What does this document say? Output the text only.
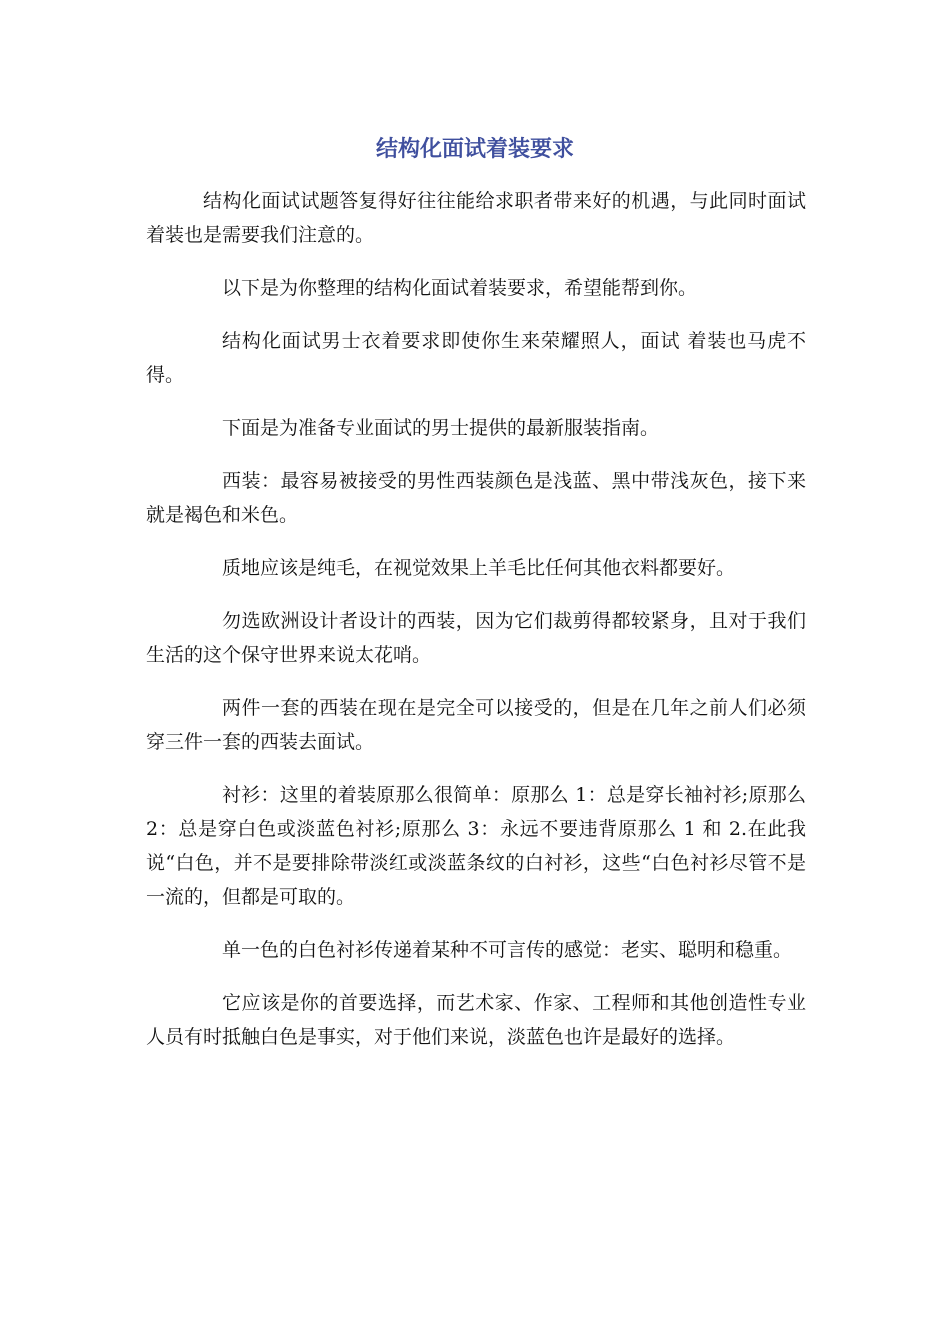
结构化面试着装要求

结构化面试试题答复得好往往能给求职者带来好的机遇，与此同时面试着装也是需要我们注意的。

以下是为你整理的结构化面试着装要求，希望能帮到你。

结构化面试男士衣着要求即使你生来荣耀照人，面试 着装也马虎不得。

下面是为准备专业面试的男士提供的最新服装指南。

西装：最容易被接受的男性西装颜色是浅蓝、黑中带浅灰色，接下来就是褐色和米色。

质地应该是纯毛，在视觉效果上羊毛比任何其他衣料都要好。

勿选欧洲设计者设计的西装，因为它们裁剪得都较紧身，且对于我们生活的这个保守世界来说太花哨。

两件一套的西装在现在是完全可以接受的，但是在几年之前人们必须穿三件一套的西装去面试。

衬衫：这里的着装原那么很简单：原那么 1：总是穿长袖衬衫;原那么 2：总是穿白色或淡蓝色衬衫;原那么 3：永远不要违背原那么 1 和 2.在此我说“白色，并不是要排除带淡红或淡蓝条纹的白衬衫，这些“白色衬衫尽管不是一流的，但都是可取的。

单一色的白色衬衫传递着某种不可言传的感觉：老实、聪明和稳重。

它应该是你的首要选择，而艺术家、作家、工程师和其他创造性专业人员有时抵触白色是事实，对于他们来说，淡蓝色也许是最好的选择。
